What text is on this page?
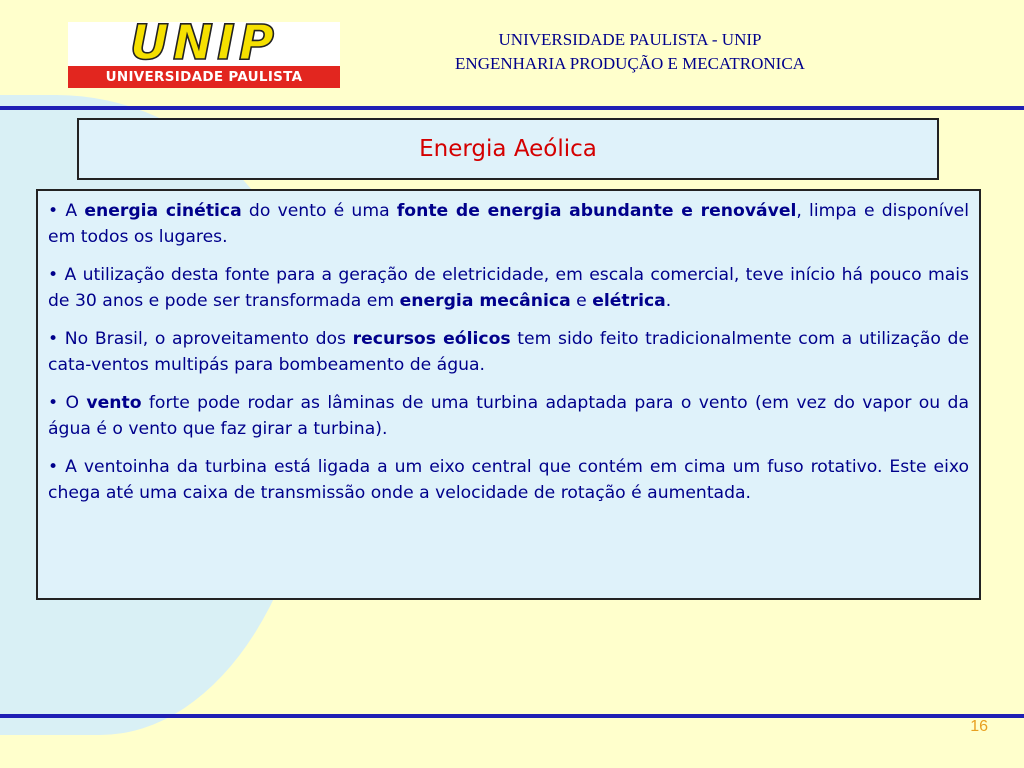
UNIP
UNIVERSIDADE PAULISTA
UNIVERSIDADE PAULISTA - UNIP
ENGENHARIA PRODUÇÃO E MECATRONICA
Energia Aeólica

• A energia cinética do vento é uma fonte de energia abundante e renovável, limpa e disponível em todos os lugares.

• A utilização desta fonte para a geração de eletricidade, em escala comercial, teve início há pouco mais de 30 anos e pode ser transformada em energia mecânica e elétrica.

• No Brasil, o aproveitamento dos recursos eólicos tem sido feito tradicionalmente com a utilização de cata-ventos multipás para bombeamento de água.

• O vento forte pode rodar as lâminas de uma turbina adaptada para o vento (em vez do vapor ou da água é o vento que faz girar a turbina).

• A ventoinha da turbina está ligada a um eixo central que contém em cima um fuso rotativo. Este eixo chega até uma caixa de transmissão onde a velocidade de rotação é aumentada.

16
